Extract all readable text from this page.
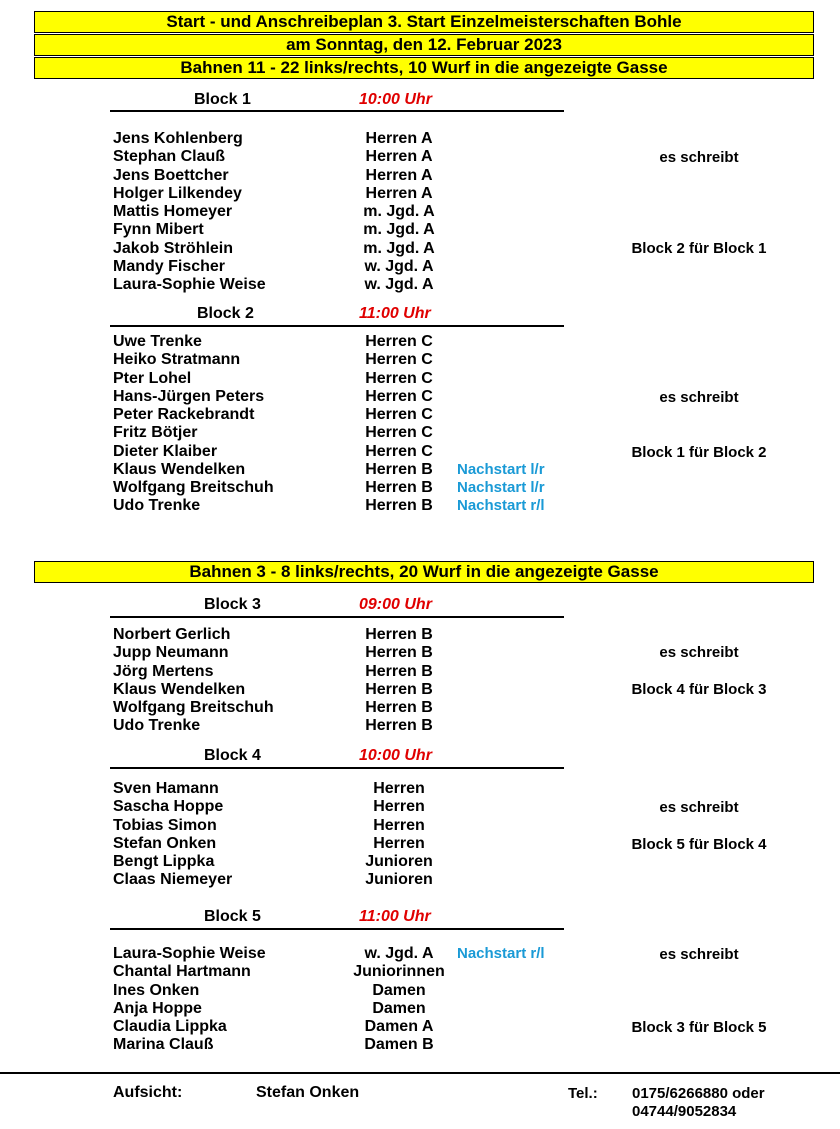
Start - und Anschreibeplan 3. Start Einzelmeisterschaften Bohle
am Sonntag, den 12. Februar 2023
Bahnen 11 - 22 links/rechts, 10 Wurf in die angezeigte Gasse
Block 1	10:00 Uhr
Jens Kohlenberg	Herren A
Stephan Clauß	Herren A
Jens Boettcher	Herren A
Holger Lilkendey	Herren A
Mattis Homeyer	m. Jgd. A
Fynn Mibert	m. Jgd. A
Jakob Ströhlein	m. Jgd. A
Mandy Fischer	w. Jgd. A
Laura-Sophie Weise	w. Jgd. A
es schreibt
Block 2 für Block 1
Block 2	11:00 Uhr
Uwe Trenke	Herren C
Heiko Stratmann	Herren C
Pter Lohel	Herren C
Hans-Jürgen Peters	Herren C
Peter Rackebrandt	Herren C
Fritz Bötjer	Herren C
Dieter Klaiber	Herren C
Klaus Wendelken	Herren B Nachstart l/r
Wolfgang Breitschuh	Herren B Nachstart l/r
Udo Trenke	Herren B Nachstart r/l
es schreibt
Block 1 für Block 2
Bahnen 3 - 8 links/rechts, 20 Wurf in die angezeigte Gasse
Block 3	09:00 Uhr
Norbert Gerlich	Herren B
Jupp Neumann	Herren B
Jörg Mertens	Herren B
Klaus Wendelken	Herren B
Wolfgang Breitschuh	Herren B
Udo Trenke	Herren B
es schreibt
Block 4 für Block 3
Block 4	10:00 Uhr
Sven Hamann	Herren
Sascha Hoppe	Herren
Tobias Simon	Herren
Stefan Onken	Herren
Bengt Lippka	Junioren
Claas Niemeyer	Junioren
es schreibt
Block 5 für Block 4
Block 5	11:00 Uhr
Laura-Sophie Weise	w. Jgd. A Nachstart r/l
Chantal Hartmann	Juniorinnen
Ines Onken	Damen
Anja Hoppe	Damen
Claudia Lippka	Damen A
Marina Clauß	Damen B
es schreibt
Block 3 für Block 5
Aufsicht:	Stefan Onken	Tel.: 0175/6266880 oder
04744/9052834
